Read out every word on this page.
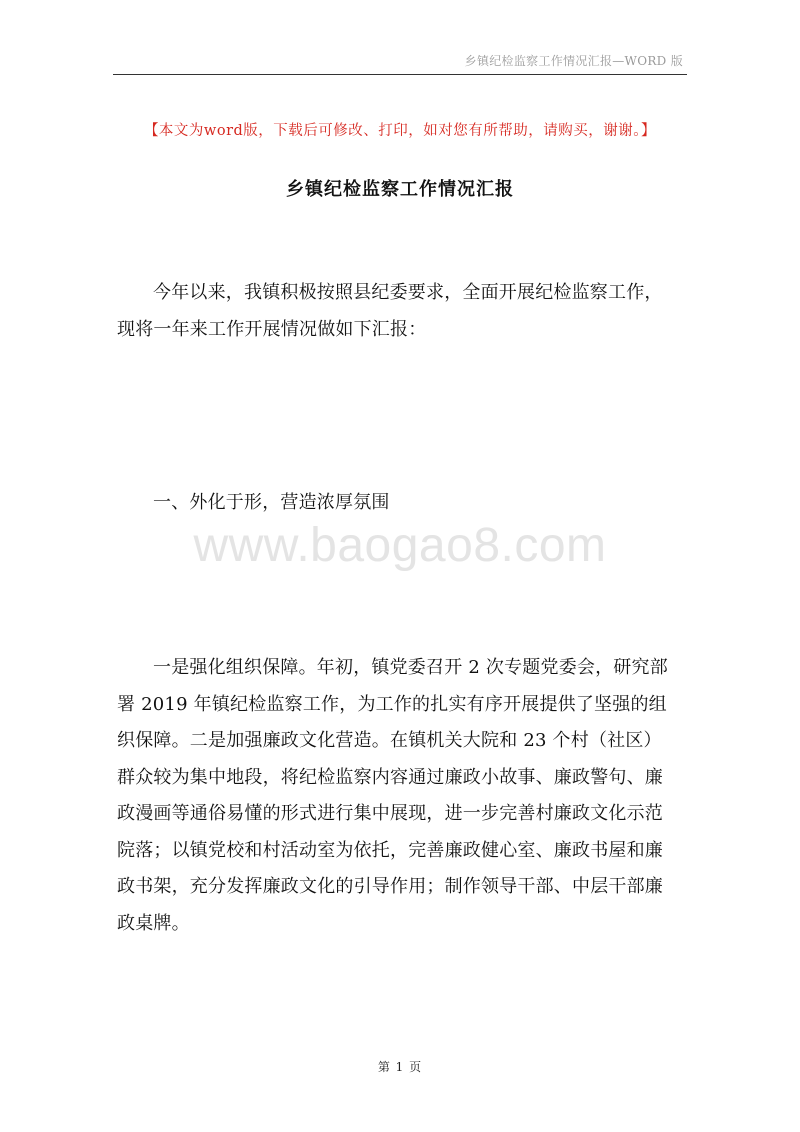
乡镇纪检监察工作情况汇报—WORD 版
【本文为word版，下载后可修改、打印，如对您有所帮助，请购买，谢谢。】
乡镇纪检监察工作情况汇报
今年以来，我镇积极按照县纪委要求，全面开展纪检监察工作，
现将一年来工作开展情况做如下汇报：
一、外化于形，营造浓厚氛围
www.baogao8.com
一是强化组织保障。年初，镇党委召开 2 次专题党委会，研究部
署 2019 年镇纪检监察工作，为工作的扎实有序开展提供了坚强的组
织保障。二是加强廉政文化营造。在镇机关大院和 23 个村（社区）
群众较为集中地段，将纪检监察内容通过廉政小故事、廉政警句、廉
政漫画等通俗易懂的形式进行集中展现，进一步完善村廉政文化示范
院落；以镇党校和村活动室为依托，完善廉政健心室、廉政书屋和廉
政书架，充分发挥廉政文化的引导作用；制作领导干部、中层干部廉
政桌牌。
第 1 页
